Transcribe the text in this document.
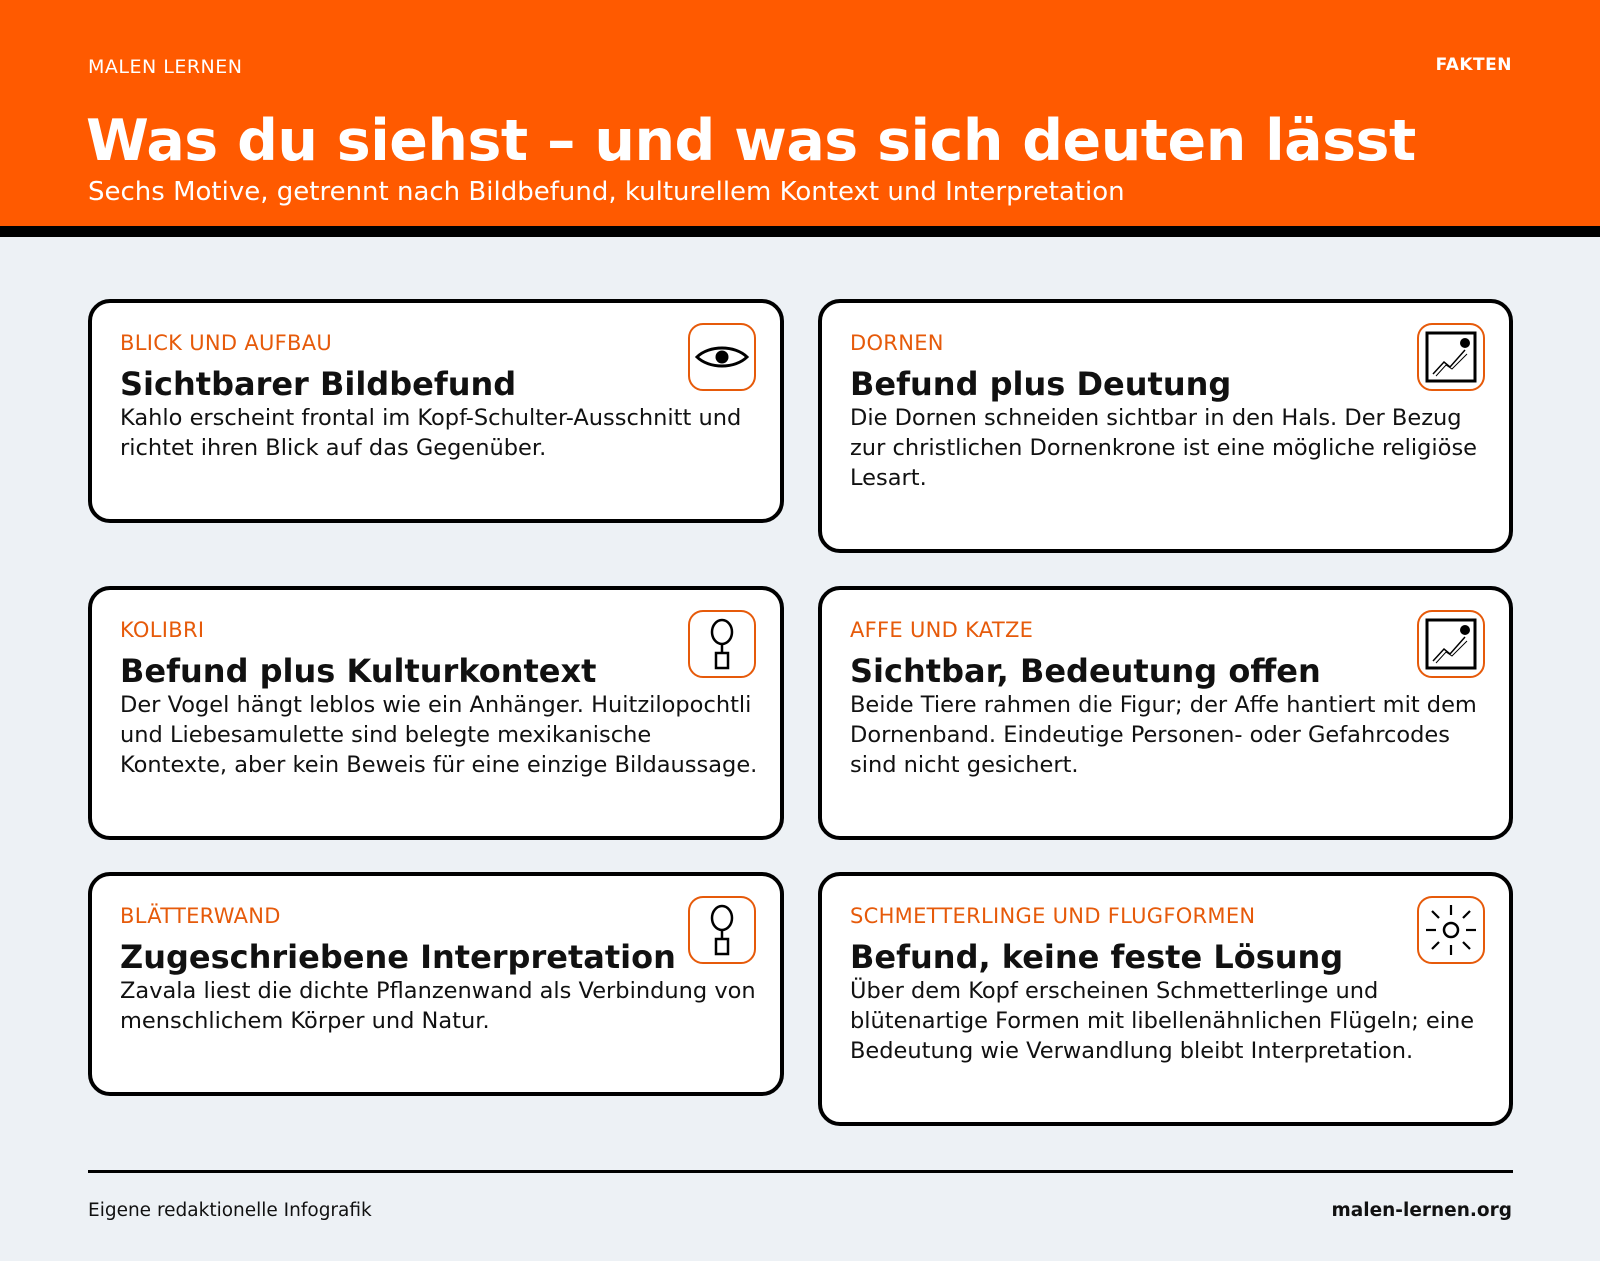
MALEN LERNEN	FAKTEN
Was du siehst – und was sich deuten lässt
Sechs Motive, getrennt nach Bildbefund, kulturellem Kontext und Interpretation
BLICK UND AUFBAU
Sichtbarer Bildbefund
Kahlo erscheint frontal im Kopf-Schulter-Ausschnitt und richtet ihren Blick auf das Gegenüber.
DORNEN
Befund plus Deutung
Die Dornen schneiden sichtbar in den Hals. Der Bezug zur christlichen Dornenkrone ist eine mögliche religiöse Lesart.
KOLIBRI
Befund plus Kulturkontext
Der Vogel hängt leblos wie ein Anhänger. Huitzilopochtli und Liebesamulette sind belegte mexikanische Kontexte, aber kein Beweis für eine einzige Bildaussage.
AFFE UND KATZE
Sichtbar, Bedeutung offen
Beide Tiere rahmen die Figur; der Affe hantiert mit dem Dornenband. Eindeutige Personen- oder Gefahrcodes sind nicht gesichert.
BLÄTTERWAND
Zugeschriebene Interpretation
Zavala liest die dichte Pflanzenwand als Verbindung von menschlichem Körper und Natur.
SCHMETTERLINGE UND FLUGFORMEN
Befund, keine feste Lösung
Über dem Kopf erscheinen Schmetterlinge und blütenartige Formen mit libellenähnlichen Flügeln; eine Bedeutung wie Verwandlung bleibt Interpretation.
Eigene redaktionelle Infografik	malen-lernen.org
